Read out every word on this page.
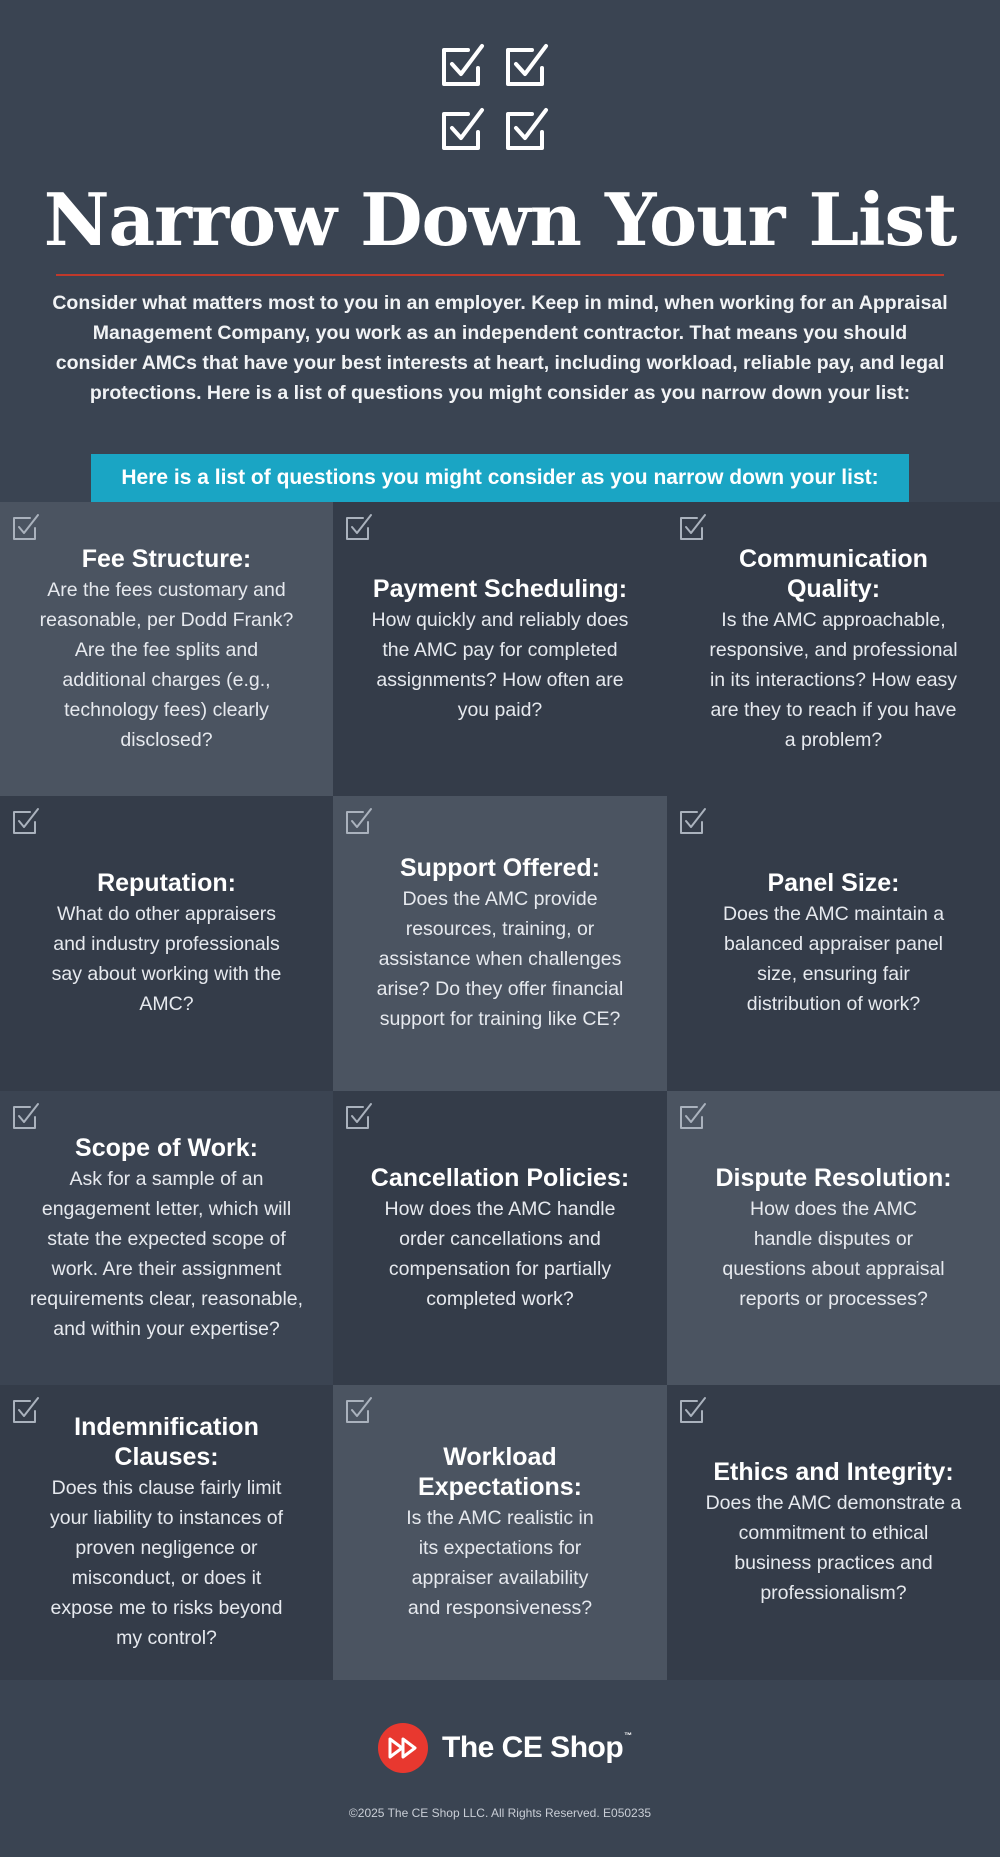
Narrow Down Your List

Consider what matters most to you in an employer. Keep in mind, when working for an Appraisal Management Company, you work as an independent contractor. That means you should consider AMCs that have your best interests at heart, including workload, reliable pay, and legal protections. Here is a list of questions you might consider as you narrow down your list:

Here is a list of questions you might consider as you narrow down your list:
Fee Structure:
Are the fees customary and reasonable, per Dodd Frank? Are the fee splits and additional charges (e.g., technology fees) clearly disclosed?
Payment Scheduling:
How quickly and reliably does the AMC pay for completed assignments? How often are you paid?
Communication Quality:
Is the AMC approachable, responsive, and professional in its interactions? How easy are they to reach if you have a problem?
Reputation:
What do other appraisers and industry professionals say about working with the AMC?
Support Offered:
Does the AMC provide resources, training, or assistance when challenges arise? Do they offer financial support for training like CE?
Panel Size:
Does the AMC maintain a balanced appraiser panel size, ensuring fair distribution of work?
Scope of Work:
Ask for a sample of an engagement letter, which will state the expected scope of work. Are their assignment requirements clear, reasonable, and within your expertise?
Cancellation Policies:
How does the AMC handle order cancellations and compensation for partially completed work?
Dispute Resolution:
How does the AMC handle disputes or questions about appraisal reports or processes?
Indemnification Clauses:
Does this clause fairly limit your liability to instances of proven negligence or misconduct, or does it expose me to risks beyond my control?
Workload Expectations:
Is the AMC realistic in its expectations for appraiser availability and responsiveness?
Ethics and Integrity:
Does the AMC demonstrate a commitment to ethical business practices and professionalism?
The CE Shop™
©2025 The CE Shop LLC. All Rights Reserved. E050235
